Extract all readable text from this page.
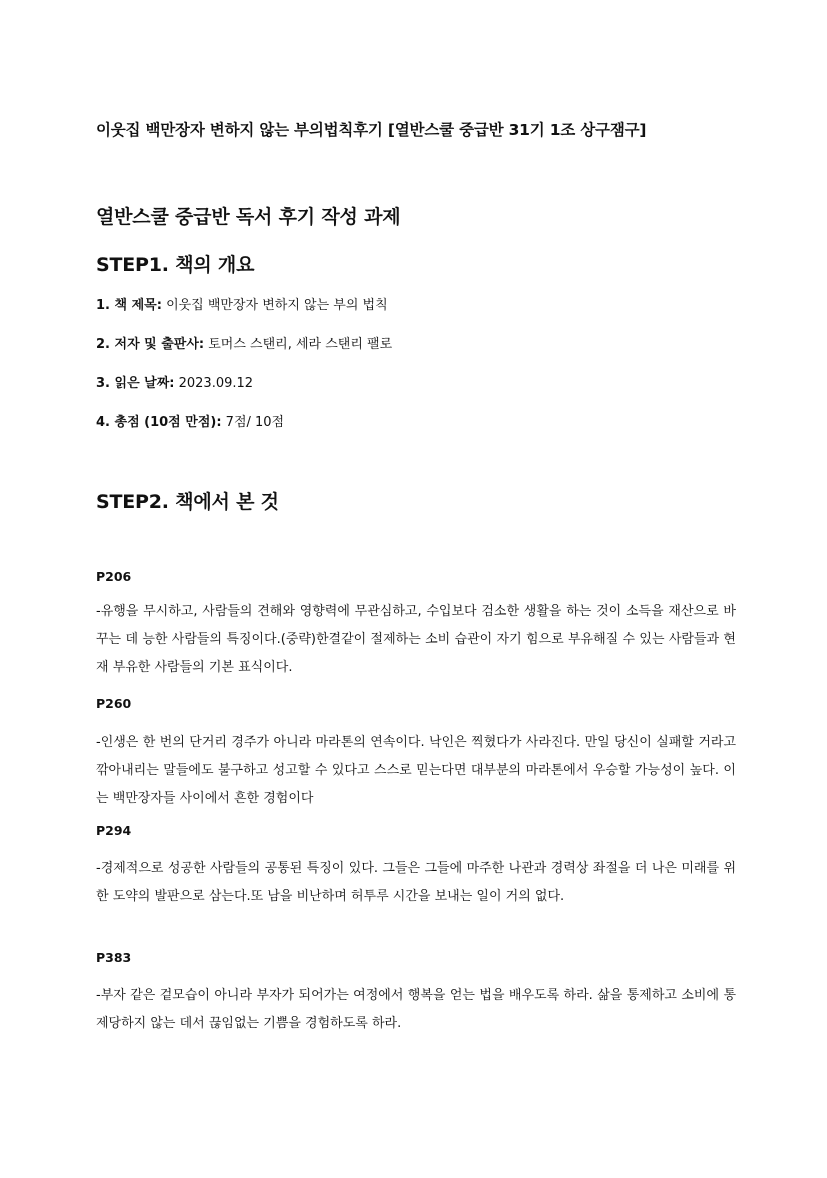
이웃집 백만장자 변하지 않는 부의법칙후기 [열반스쿨 중급반 31기 1조 상구잼구]
열반스쿨 중급반 독서 후기 작성 과제
STEP1. 책의 개요
1. 책 제목: 이웃집 백만장자 변하지 않는 부의 법칙
2. 저자 및 출판사: 토머스 스탠리, 세라 스탠리 팰로
3. 읽은 날짜: 2023.09.12
4. 총점 (10점 만점): 7점/ 10점
STEP2. 책에서 본 것
P206
-유행을 무시하고, 사람들의 견해와 영향력에 무관심하고, 수입보다 검소한 생활을 하는 것이 소득을 재산으로 바꾸는 데 능한 사람들의 특징이다.(중략)한결같이 절제하는 소비 습관이 자기 힘으로 부유해질 수 있는 사람들과 현재 부유한 사람들의 기본 표식이다.
P260
-인생은 한 번의 단거리 경주가 아니라 마라톤의 연속이다. 낙인은 찍혔다가 사라진다. 만일 당신이 실패할 거라고 깎아내리는 말들에도 불구하고 성고할 수 있다고 스스로 믿는다면 대부분의 마라톤에서 우승할 가능성이 높다. 이는 백만장자들 사이에서 흔한 경험이다
P294
-경제적으로 성공한 사람들의 공통된 특징이 있다. 그들은 그들에 마주한 나관과 경력상 좌절을 더 나은 미래를 위한 도약의 발판으로 삼는다.또 남을 비난하며 허투루 시간을 보내는 일이 거의 없다.
P383
-부자 같은 겉모습이 아니라 부자가 되어가는 여정에서 행복을 얻는 법을 배우도록 하라. 삶을 통제하고 소비에 통제당하지 않는 데서 끊임없는 기쁨을 경험하도록 하라.
